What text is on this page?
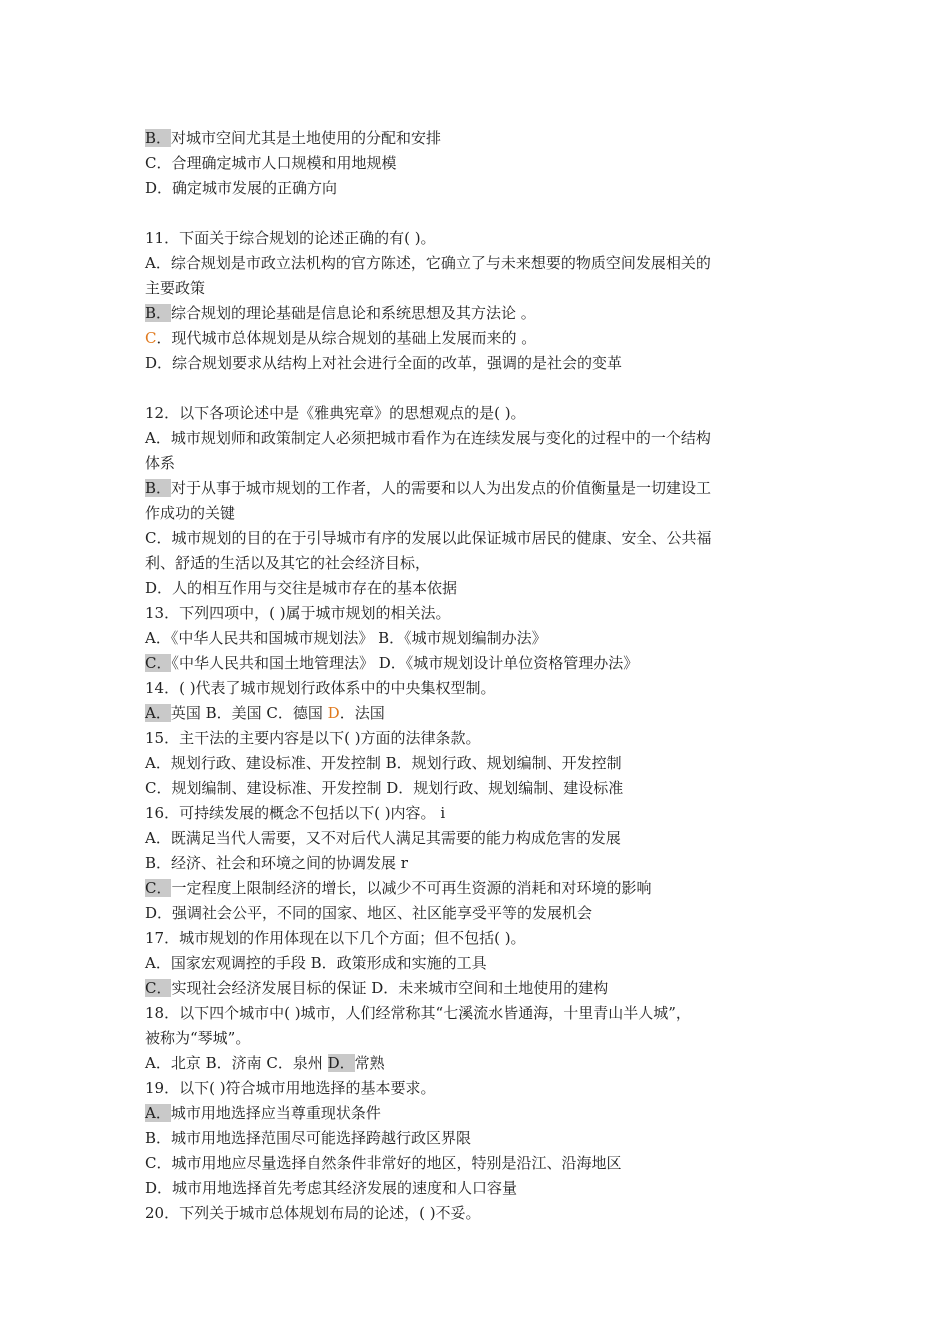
B．对城市空间尤其是土地使用的分配和安排
C．合理确定城市人口规模和用地规模
D．确定城市发展的正确方向
11．下面关于综合规划的论述正确的有( )。
A．综合规划是市政立法机构的官方陈述，它确立了与未来想要的物质空间发展相关的
主要政策
B．综合规划的理论基础是信息论和系统思想及其方法论 。
C．现代城市总体规划是从综合规划的基础上发展而来的 。
D．综合规划要求从结构上对社会进行全面的改革，强调的是社会的变革
12．以下各项论述中是《雅典宪章》的思想观点的是( )。
A．城市规划师和政策制定人必须把城市看作为在连续发展与变化的过程中的一个结构
体系
B．对于从事于城市规划的工作者，人的需要和以人为出发点的价值衡量是一切建设工
作成功的关键
C．城市规划的目的在于引导城市有序的发展以此保证城市居民的健康、安全、公共福
利、舒适的生活以及其它的社会经济目标，
D．人的相互作用与交往是城市存在的基本依据
13．下列四项中，( )属于城市规划的相关法。
A．《中华人民共和国城市规划法》 B．《城市规划编制办法》
C．《中华人民共和国土地管理法》 D．《城市规划设计单位资格管理办法》
14．( )代表了城市规划行政体系中的中央集权型制。
A．英国 B．美国 C．德国 D．法国
15．主干法的主要内容是以下( )方面的法律条款。
A．规划行政、建设标准、开发控制 B．规划行政、规划编制、开发控制
C．规划编制、建设标准、开发控制 D．规划行政、规划编制、建设标准
16．可持续发展的概念不包括以下( )内容。 i
A．既满足当代人需要，又不对后代人满足其需要的能力构成危害的发展
B．经济、社会和环境之间的协调发展 r
C．一定程度上限制经济的增长，以减少不可再生资源的消耗和对环境的影响
D．强调社会公平，不同的国家、地区、社区能享受平等的发展机会
17．城市规划的作用体现在以下几个方面；但不包括( )。
A．国家宏观调控的手段 B．政策形成和实施的工具
C．实现社会经济发展目标的保证 D．未来城市空间和土地使用的建构
18．以下四个城市中( )城市，人们经常称其“七溪流水皆通海，十里青山半人城”，
被称为“琴城”。
A．北京 B．济南 C．泉州 D．常熟
19．以下( )符合城市用地选择的基本要求。
A．城市用地选择应当尊重现状条件
B．城市用地选择范围尽可能选择跨越行政区界限
C．城市用地应尽量选择自然条件非常好的地区，特别是沿江、沿海地区
D．城市用地选择首先考虑其经济发展的速度和人口容量
20．下列关于城市总体规划布局的论述，( )不妥。
